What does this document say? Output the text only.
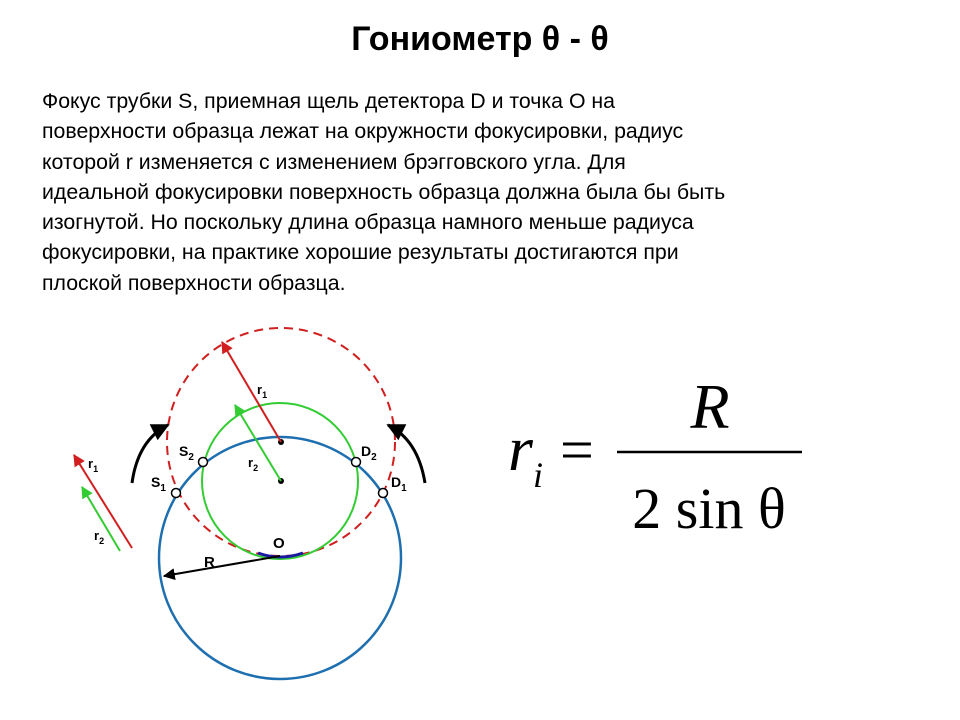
Гониометр θ - θ
Фокус трубки S, приемная щель детектора D и точка O на
поверхности образца лежат на окружности фокусировки, радиус
которой r изменяется с изменением брэгговского угла. Для
идеальной фокусировки поверхность образца должна была бы быть
изогнутой. Но поскольку длина образца намного меньше радиуса
фокусировки, на практике хорошие результаты достигаются при
плоской поверхности образца.
$S_2$
$S_1$
$D_2$
$D_1$
O
R
$r_1$
$r_2$
$r_1$
$r_2$
r i =
R
2 sin θ
